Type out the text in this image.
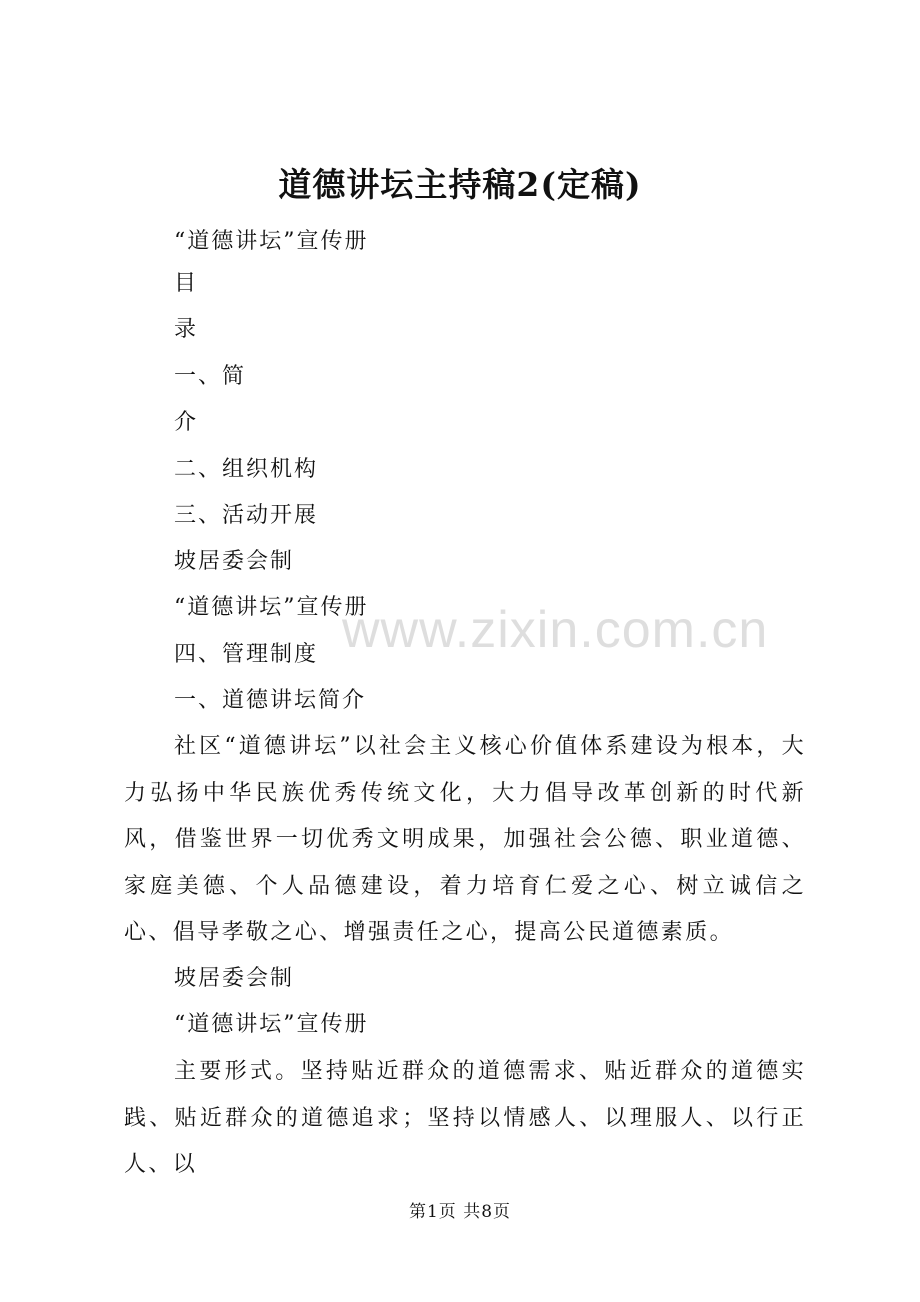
道德讲坛主持稿2(定稿)
“道德讲坛”宣传册
目
录
一、简
介
二、组织机构
三、活动开展
坡居委会制
“道德讲坛”宣传册
四、管理制度
一、道德讲坛简介
社区“道德讲坛”以社会主义核心价值体系建设为根本，大力弘扬中华民族优秀传统文化，大力倡导改革创新的时代新风，借鉴世界一切优秀文明成果，加强社会公德、职业道德、家庭美德、个人品德建设，着力培育仁爱之心、树立诚信之心、倡导孝敬之心、增强责任之心，提高公民道德素质。
坡居委会制
“道德讲坛”宣传册
主要形式。坚持贴近群众的道德需求、贴近群众的道德实践、贴近群众的道德追求；坚持以情感人、以理服人、以行正人、以
www.zixin.com.cn
第1页 共8页
